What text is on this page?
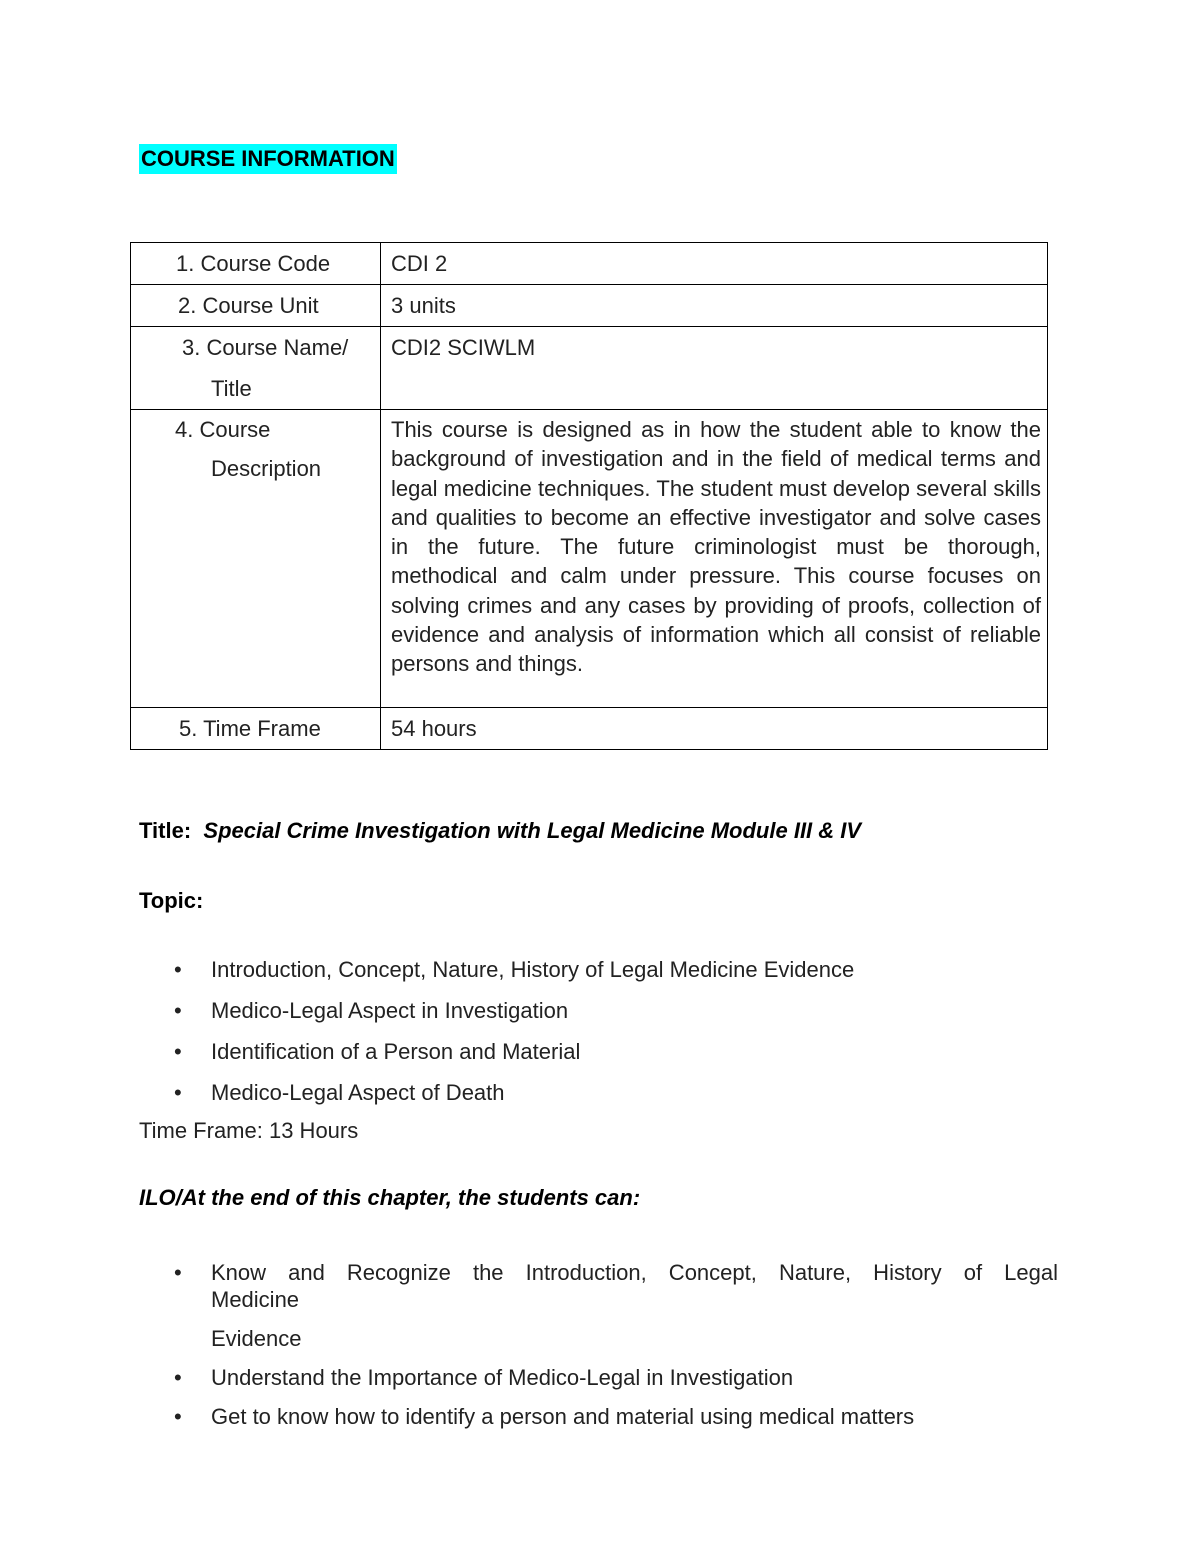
COURSE INFORMATION
1. Course Code	CDI 2

2. Course Unit	3 units

3. Course Name/
Title	CDI2 SCIWLM

4. Course
Description	This course is designed as in how the student able to know the background of investigation and in the field of medical terms and legal medicine techniques. The student must develop several skills and qualities to become an effective investigator and solve cases in the future. The future criminologist must be thorough, methodical and calm under pressure. This course focuses on solving crimes and any cases by providing of proofs, collection of evidence and analysis of information which all consist of reliable persons and things.

5. Time Frame	54 hours
Title: Special Crime Investigation with Legal Medicine Module III & IV
Topic:
• Introduction, Concept, Nature, History of Legal Medicine Evidence
• Medico-Legal Aspect in Investigation
• Identification of a Person and Material
• Medico-Legal Aspect of Death
Time Frame: 13 Hours
ILO/At the end of this chapter, the students can:
• Know and Recognize the Introduction, Concept, Nature, History of Legal
Medicine
Evidence
• Understand the Importance of Medico-Legal in Investigation
• Get to know how to identify a person and material using medical matters
